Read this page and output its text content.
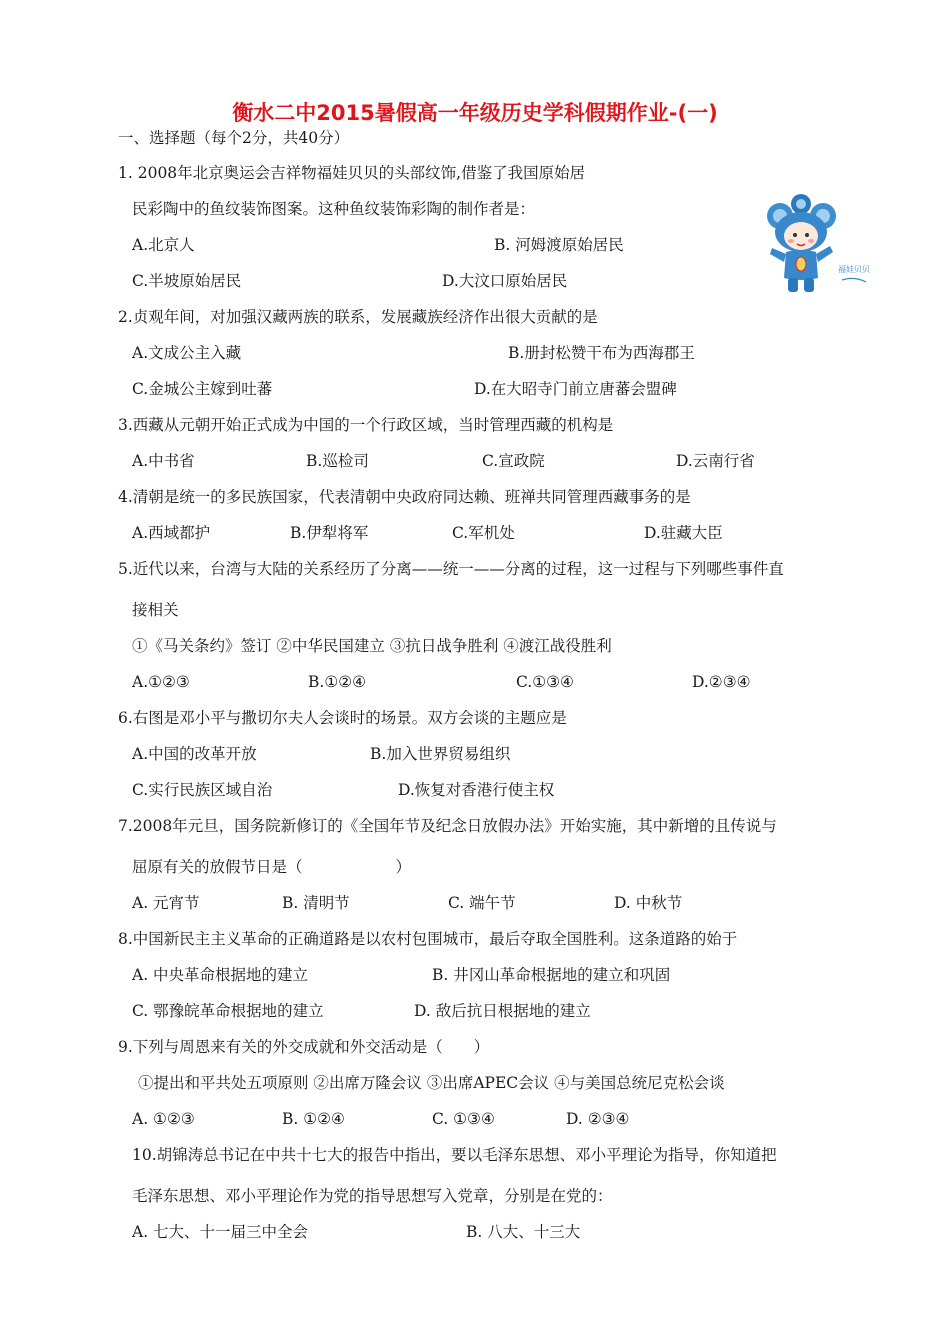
衡水二中2015暑假高一年级历史学科假期作业-(一)
一、选择题（每个2分，共40分）
1. 2008年北京奥运会吉祥物福娃贝贝的头部纹饰,借鉴了我国原始居
民彩陶中的鱼纹装饰图案。这种鱼纹装饰彩陶的制作者是：
A.北京人	B. 河姆渡原始居民
C.半坡原始居民	D.大汶口原始居民
福娃贝贝
2.贞观年间，对加强汉藏两族的联系，发展藏族经济作出很大贡献的是
A.文成公主入藏	B.册封松赞干布为西海郡王
C.金城公主嫁到吐蕃	D.在大昭寺门前立唐蕃会盟碑
3.西藏从元朝开始正式成为中国的一个行政区域，当时管理西藏的机构是
A.中书省	B.巡检司	C.宣政院	D.云南行省
4.清朝是统一的多民族国家，代表清朝中央政府同达赖、班禅共同管理西藏事务的是
A.西域都护	B.伊犁将军	C.军机处	D.驻藏大臣
5.近代以来，台湾与大陆的关系经历了分离——统一——分离的过程，这一过程与下列哪些事件直
接相关
①《马关条约》签订 ②中华民国建立 ③抗日战争胜利 ④渡江战役胜利
A.①②③	B.①②④	C.①③④	D.②③④
6.右图是邓小平与撒切尔夫人会谈时的场景。双方会谈的主题应是
A.中国的改革开放	B.加入世界贸易组织
C.实行民族区域自治	D.恢复对香港行使主权
7.2008年元旦，国务院新修订的《全国年节及纪念日放假办法》开始实施，其中新增的且传说与
屈原有关的放假节日是（　　　　　　）
A. 元宵节	B. 清明节	C. 端午节	D. 中秋节
8.中国新民主主义革命的正确道路是以农村包围城市，最后夺取全国胜利。这条道路的始于
A. 中央革命根据地的建立	B. 井冈山革命根据地的建立和巩固
C. 鄂豫皖革命根据地的建立	D. 敌后抗日根据地的建立
9.下列与周恩来有关的外交成就和外交活动是（　　）
①提出和平共处五项原则 ②出席万隆会议 ③出席APEC会议 ④与美国总统尼克松会谈
A. ①②③	B. ①②④	C. ①③④	D. ②③④
10.胡锦涛总书记在中共十七大的报告中指出，要以毛泽东思想、邓小平理论为指导，你知道把
毛泽东思想、邓小平理论作为党的指导思想写入党章，分别是在党的：
A. 七大、十一届三中全会	B. 八大、十三大
